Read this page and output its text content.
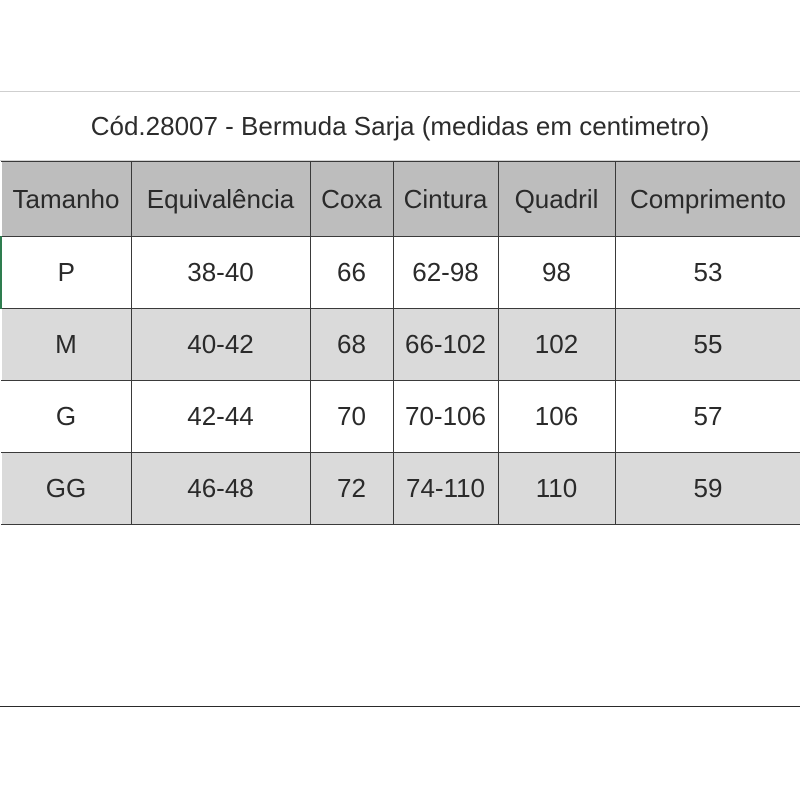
Cód.28007 - Bermuda Sarja (medidas em centimetro)
Tamanho	Equivalência	Coxa	Cintura	Quadril	Comprimento
P	38-40	66	62-98	98	53
M	40-42	68	66-102	102	55
G	42-44	70	70-106	106	57
GG	46-48	72	74-110	110	59
